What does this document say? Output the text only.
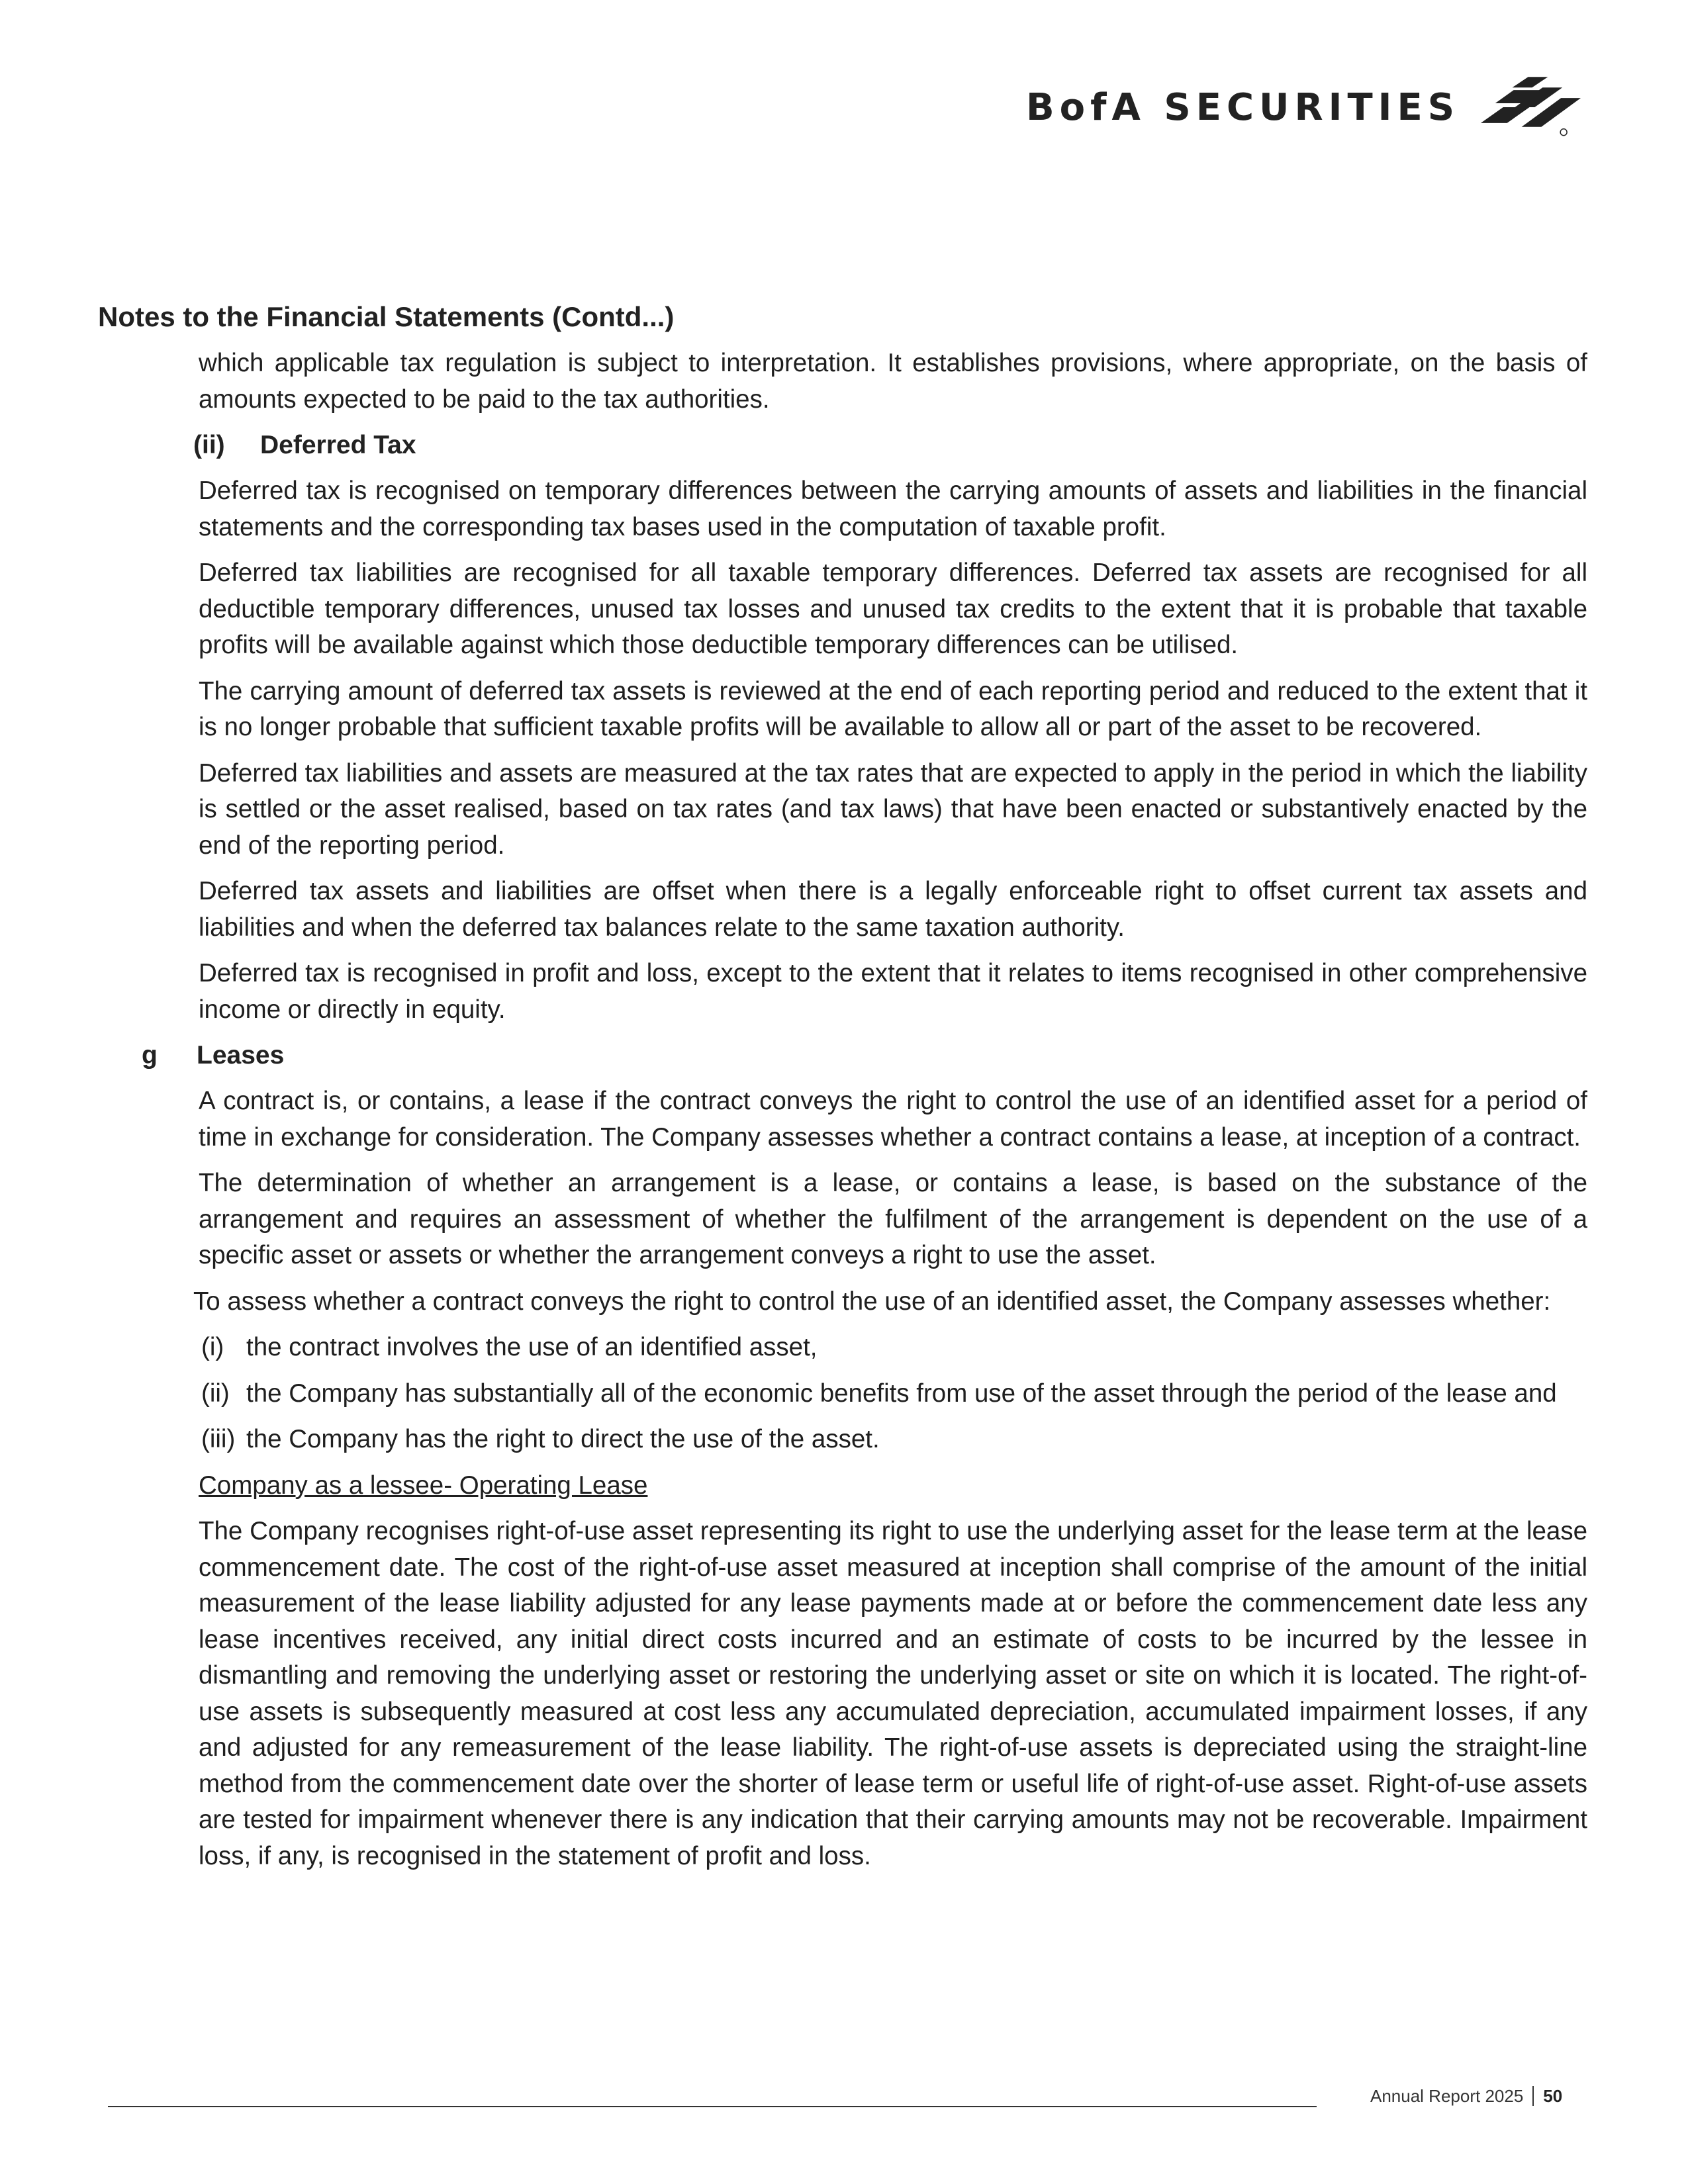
BofA SECURITIES
Notes to the Financial Statements (Contd...)

which applicable tax regulation is subject to interpretation. It establishes provisions, where appropriate, on the basis of amounts expected to be paid to the tax authorities.

(ii) Deferred Tax

Deferred tax is recognised on temporary differences between the carrying amounts of assets and liabilities in the financial statements and the corresponding tax bases used in the computation of taxable profit.

Deferred tax liabilities are recognised for all taxable temporary differences. Deferred tax assets are recognised for all deductible temporary differences, unused tax losses and unused tax credits to the extent that it is probable that taxable profits will be available against which those deductible temporary differences can be utilised.

The carrying amount of deferred tax assets is reviewed at the end of each reporting period and reduced to the extent that it is no longer probable that sufficient taxable profits will be available to allow all or part of the asset to be recovered.

Deferred tax liabilities and assets are measured at the tax rates that are expected to apply in the period in which the liability is settled or the asset realised, based on tax rates (and tax laws) that have been enacted or substantively enacted by the end of the reporting period.

Deferred tax assets and liabilities are offset when there is a legally enforceable right to offset current tax assets and liabilities and when the deferred tax balances relate to the same taxation authority.

Deferred tax is recognised in profit and loss, except to the extent that it relates to items recognised in other comprehensive income or directly in equity.

g Leases

A contract is, or contains, a lease if the contract conveys the right to control the use of an identified asset for a period of time in exchange for consideration. The Company assesses whether a contract contains a lease, at inception of a contract.

The determination of whether an arrangement is a lease, or contains a lease, is based on the substance of the arrangement and requires an assessment of whether the fulfilment of the arrangement is dependent on the use of a specific asset or assets or whether the arrangement conveys a right to use the asset.

To assess whether a contract conveys the right to control the use of an identified asset, the Company assesses whether:

(i) the contract involves the use of an identified asset,
(ii) the Company has substantially all of the economic benefits from use of the asset through the period of the lease and
(iii) the Company has the right to direct the use of the asset.
Company as a lessee- Operating Lease

The Company recognises right-of-use asset representing its right to use the underlying asset for the lease term at the lease commencement date. The cost of the right-of-use asset measured at inception shall comprise of the amount of the initial measurement of the lease liability adjusted for any lease payments made at or before the commencement date less any lease incentives received, any initial direct costs incurred and an estimate of costs to be incurred by the lessee in dismantling and removing the underlying asset or restoring the underlying asset or site on which it is located. The right-of-use assets is subsequently measured at cost less any accumulated depreciation, accumulated impairment losses, if any and adjusted for any remeasurement of the lease liability. The right-of-use assets is depreciated using the straight-line method from the commencement date over the shorter of lease term or useful life of right-of-use asset. Right-of-use assets are tested for impairment whenever there is any indication that their carrying amounts may not be recoverable. Impairment loss, if any, is recognised in the statement of profit and loss.

Annual Report 2025 50
